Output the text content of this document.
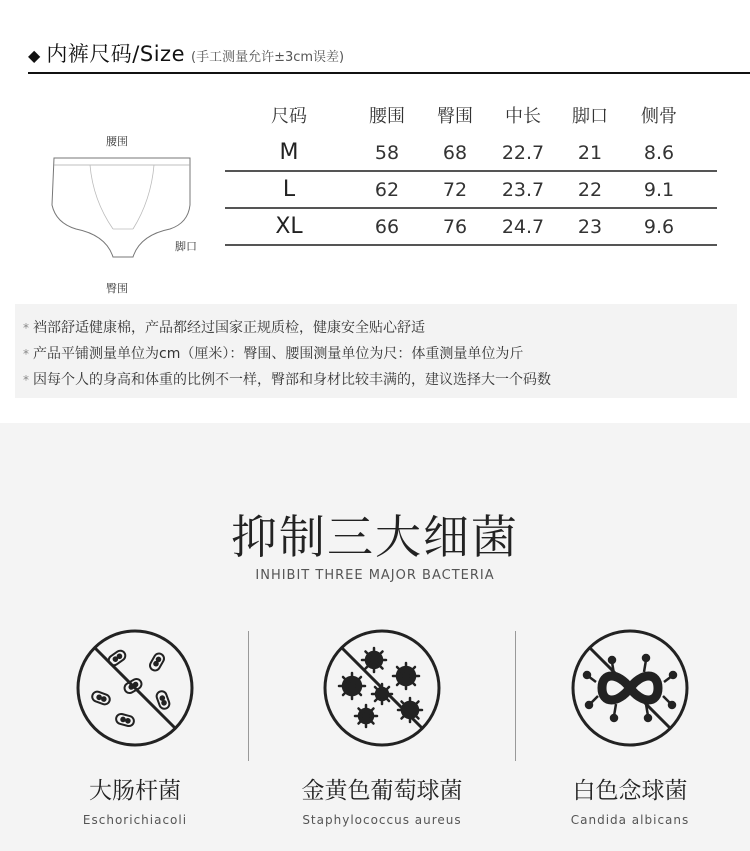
◆ 内裤尺码/Size (手工测量允许±3cm误差)
腰围
脚口
臀围
尺码	腰围	臀围	中长	脚口	侧骨
M	58	68	22.7	21	8.6
L	62	72	23.7	22	9.1
XL	66	76	24.7	23	9.6
* 裆部舒适健康棉，产品都经过国家正规质检，健康安全贴心舒适
* 产品平铺测量单位为cm（厘米）：臀围、腰围测量单位为尺：体重测量单位为斤
* 因每个人的身高和体重的比例不一样，臀部和身材比较丰满的，建议选择大一个码数
抑制三大细菌
INHIBIT THREE MAJOR BACTERIA
大肠杆菌
Eschorichiacoli
金黄色葡萄球菌
Staphylococcus aureus
白色念球菌
Candida albicans
